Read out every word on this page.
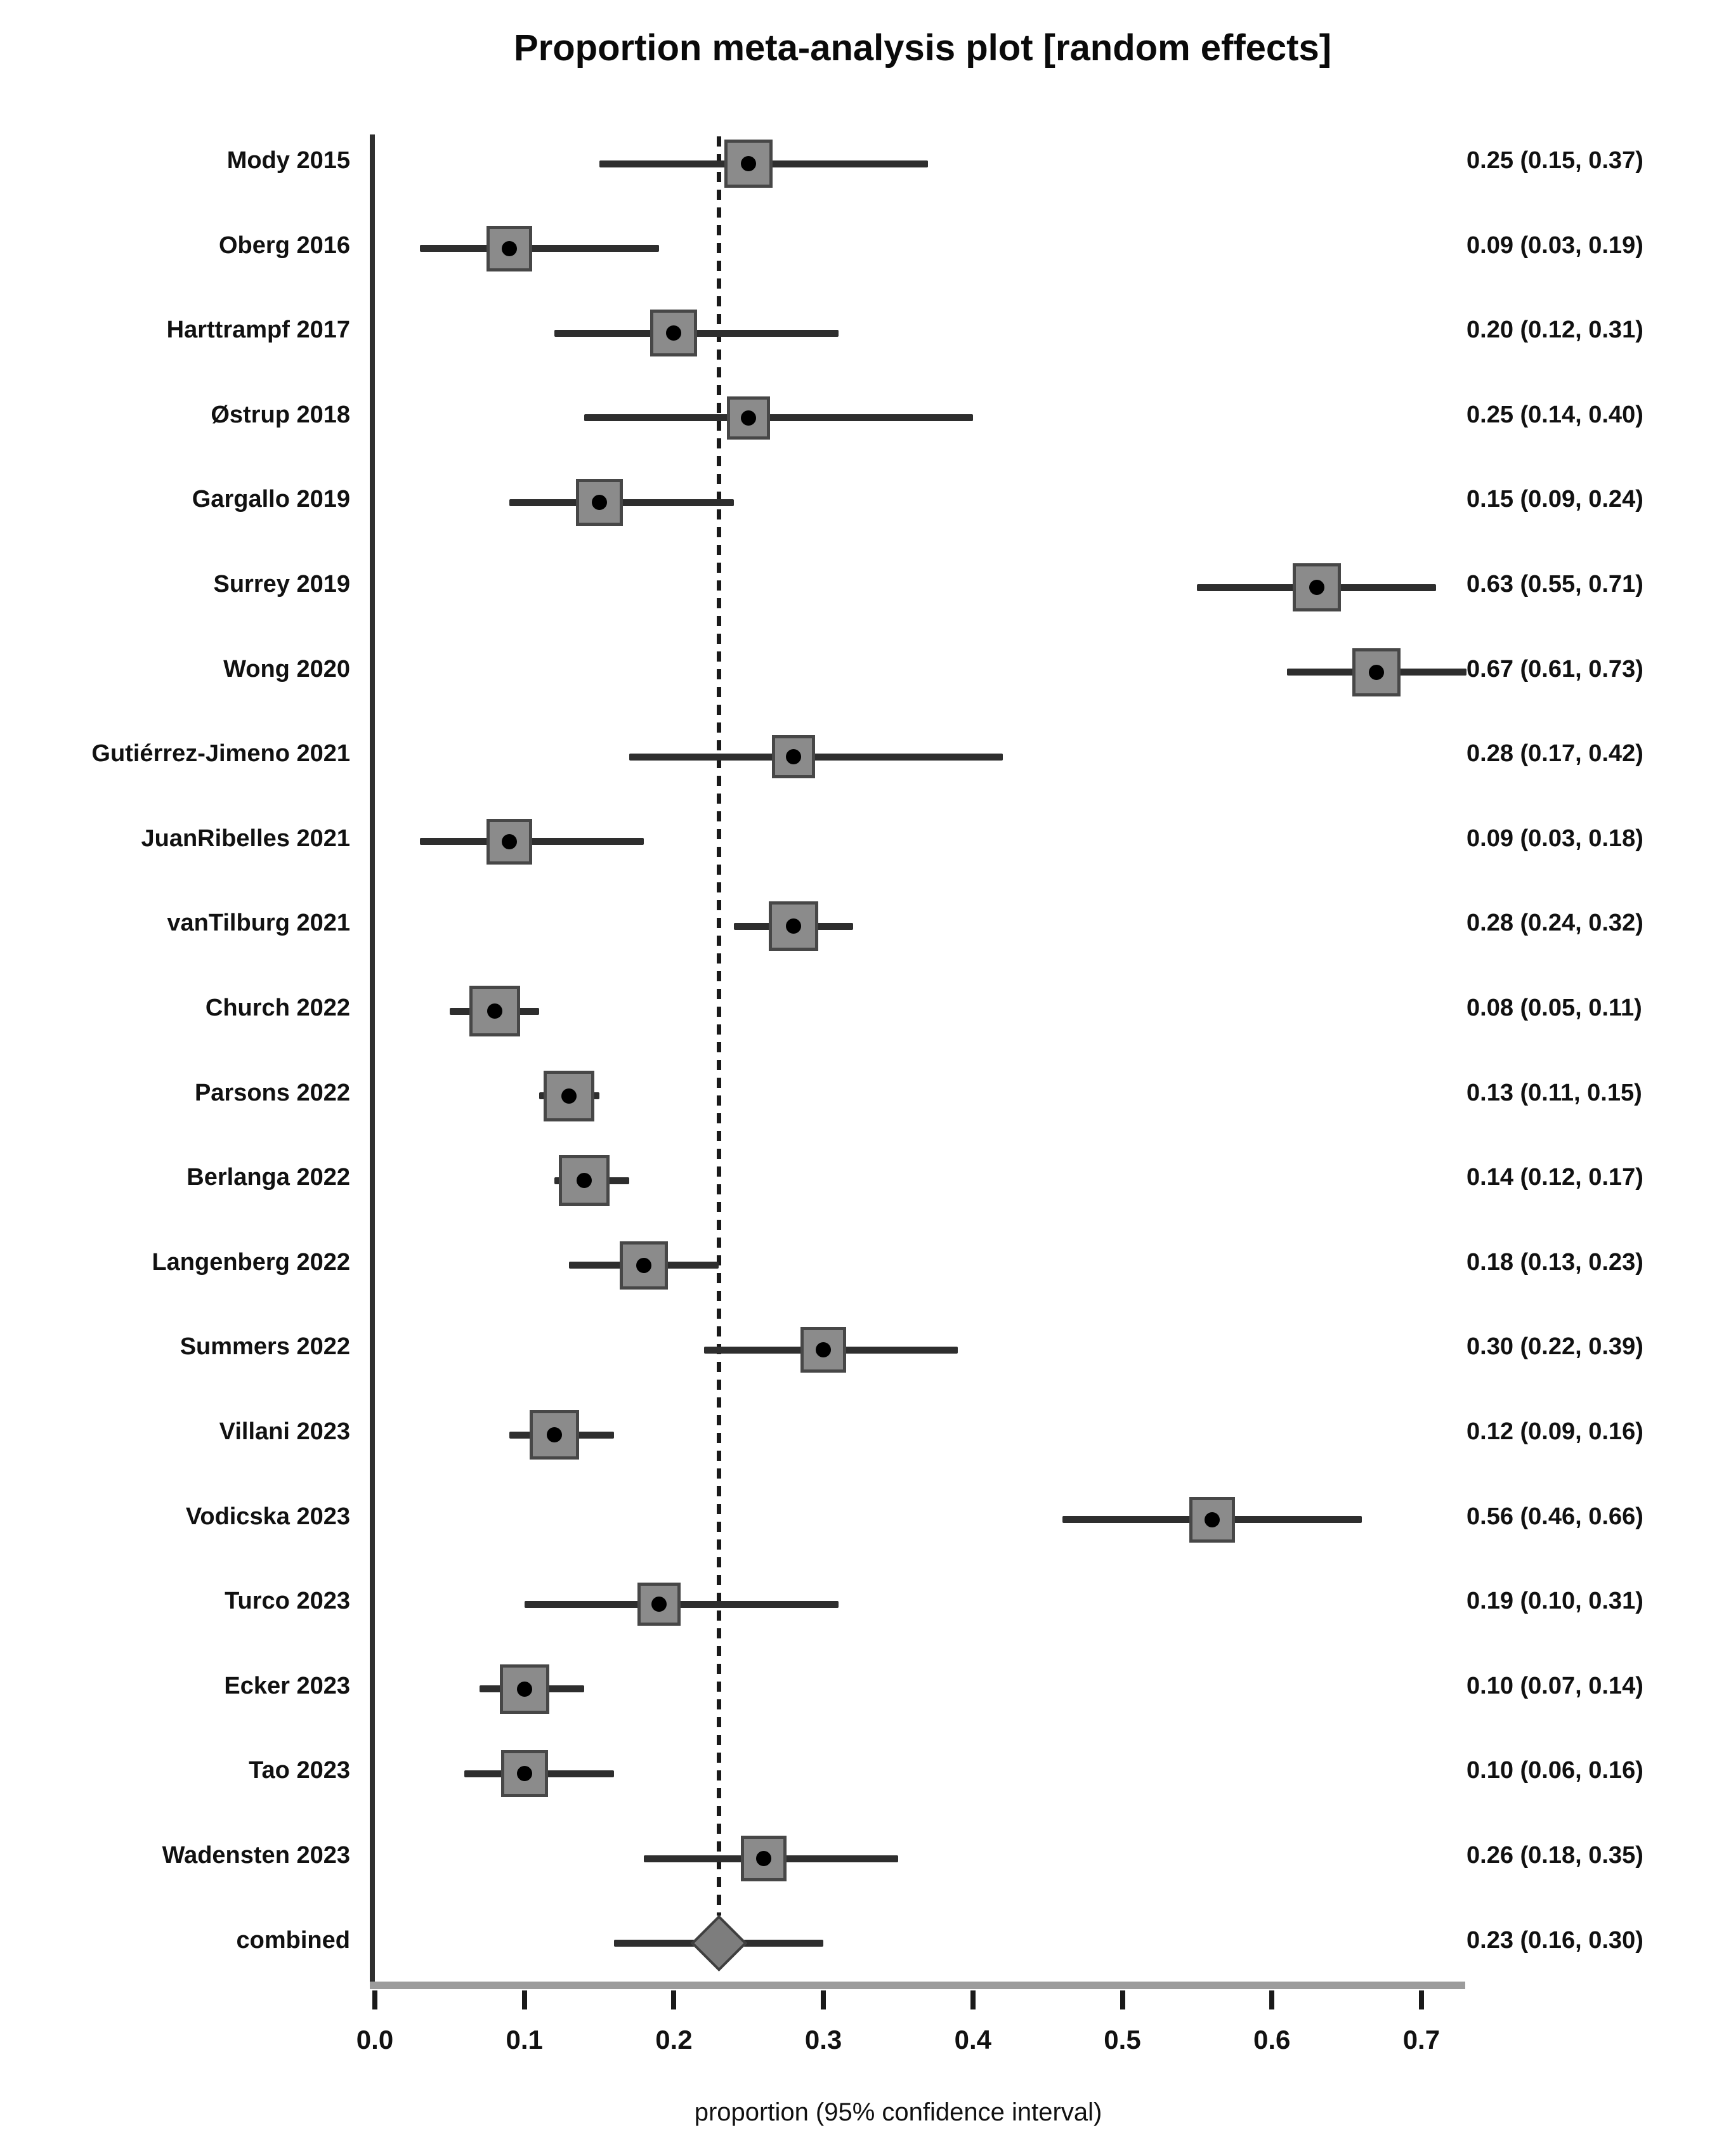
Proportion meta-analysis plot [random effects]
Mody 2015	0.25 (0.15, 0.37)
Oberg 2016	0.09 (0.03, 0.19)
Harttrampf 2017	0.20 (0.12, 0.31)
Østrup 2018	0.25 (0.14, 0.40)
Gargallo 2019	0.15 (0.09, 0.24)
Surrey 2019	0.63 (0.55, 0.71)
Wong 2020	0.67 (0.61, 0.73)
Gutiérrez-Jimeno 2021	0.28 (0.17, 0.42)
JuanRibelles 2021	0.09 (0.03, 0.18)
vanTilburg 2021	0.28 (0.24, 0.32)
Church 2022	0.08 (0.05, 0.11)
Parsons 2022	0.13 (0.11, 0.15)
Berlanga 2022	0.14 (0.12, 0.17)
Langenberg 2022	0.18 (0.13, 0.23)
Summers 2022	0.30 (0.22, 0.39)
Villani 2023	0.12 (0.09, 0.16)
Vodicska 2023	0.56 (0.46, 0.66)
Turco 2023	0.19 (0.10, 0.31)
Ecker 2023	0.10 (0.07, 0.14)
Tao 2023	0.10 (0.06, 0.16)
Wadensten 2023	0.26 (0.18, 0.35)
combined	0.23 (0.16, 0.30)
0.0	0.1	0.2	0.3	0.4	0.5	0.6	0.7
proportion (95% confidence interval)
